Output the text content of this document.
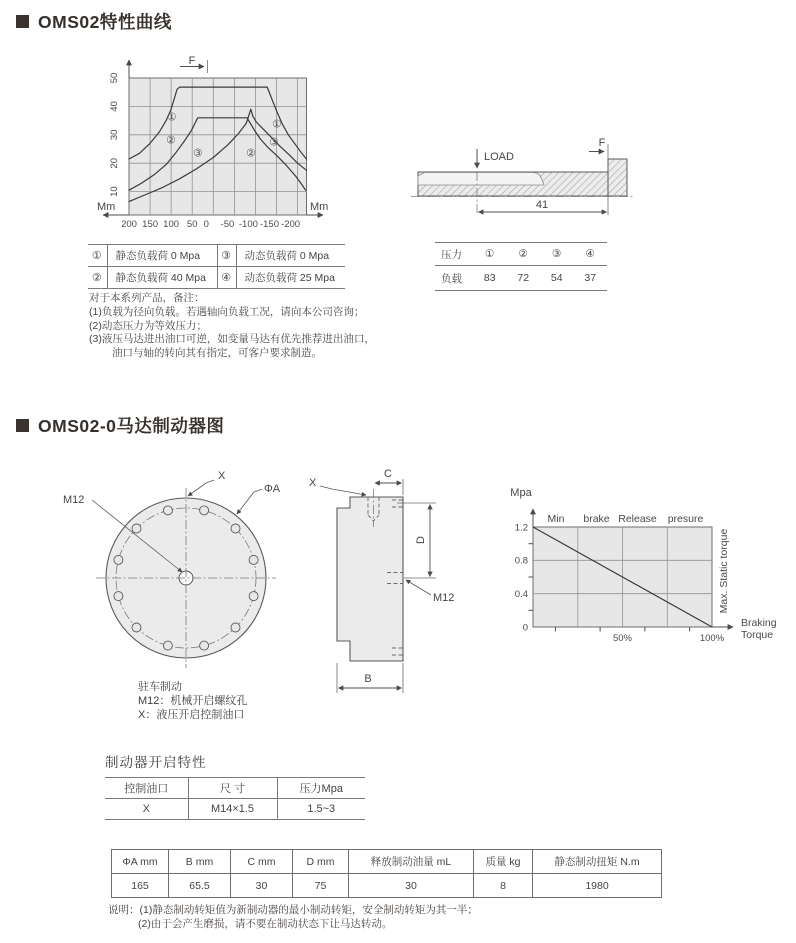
OMS02特性曲线
200 150 100 50 0 -50 -100 -150 -200
50
40
30
20
10
①
②
③
①
③
②
Mm	Mm
F
LOAD
F
41
①	静态负载荷 0 Mpa	③	动态负载荷 0 Mpa
②	静态负载荷 40 Mpa	④	动态负载荷 25 Mpa
压力	①	②	③	④
负载	83	72	54	37
对于本系列产品，备注：
(1)负载为径向负载。若遇轴向负载工况，请向本公司咨询；
(2)动态压力为等效压力；
(3)液压马达进出油口可逆，如变量马达有优先推荐进出油口，
油口与轴的转向其有指定，可客户要求制造。
OMS02-0马达制动器图
X
ΦA
M12
X
C
D
M12
B
0
0.4
0.8
1.2
50%	100%
Mpa
Min brake Release presure
Max. Static torque
Braking
Torque
驻车制动
M12：机械开启螺纹孔
X：液压开启控制油口
制动器开启特性
控制油口	尺 寸	压力Mpa
X	M14×1.5	1.5~3
ΦA mm	B mm	C mm	D mm	释放制动油量 mL	质量 kg	静态制动扭矩 N.m
165	65.5	30	75	30	8	1980
说明：(1)静态制动转矩值为新制动器的最小制动转矩，安全制动转矩为其一半；
(2)由于会产生磨损，请不要在制动状态下让马达转动。
